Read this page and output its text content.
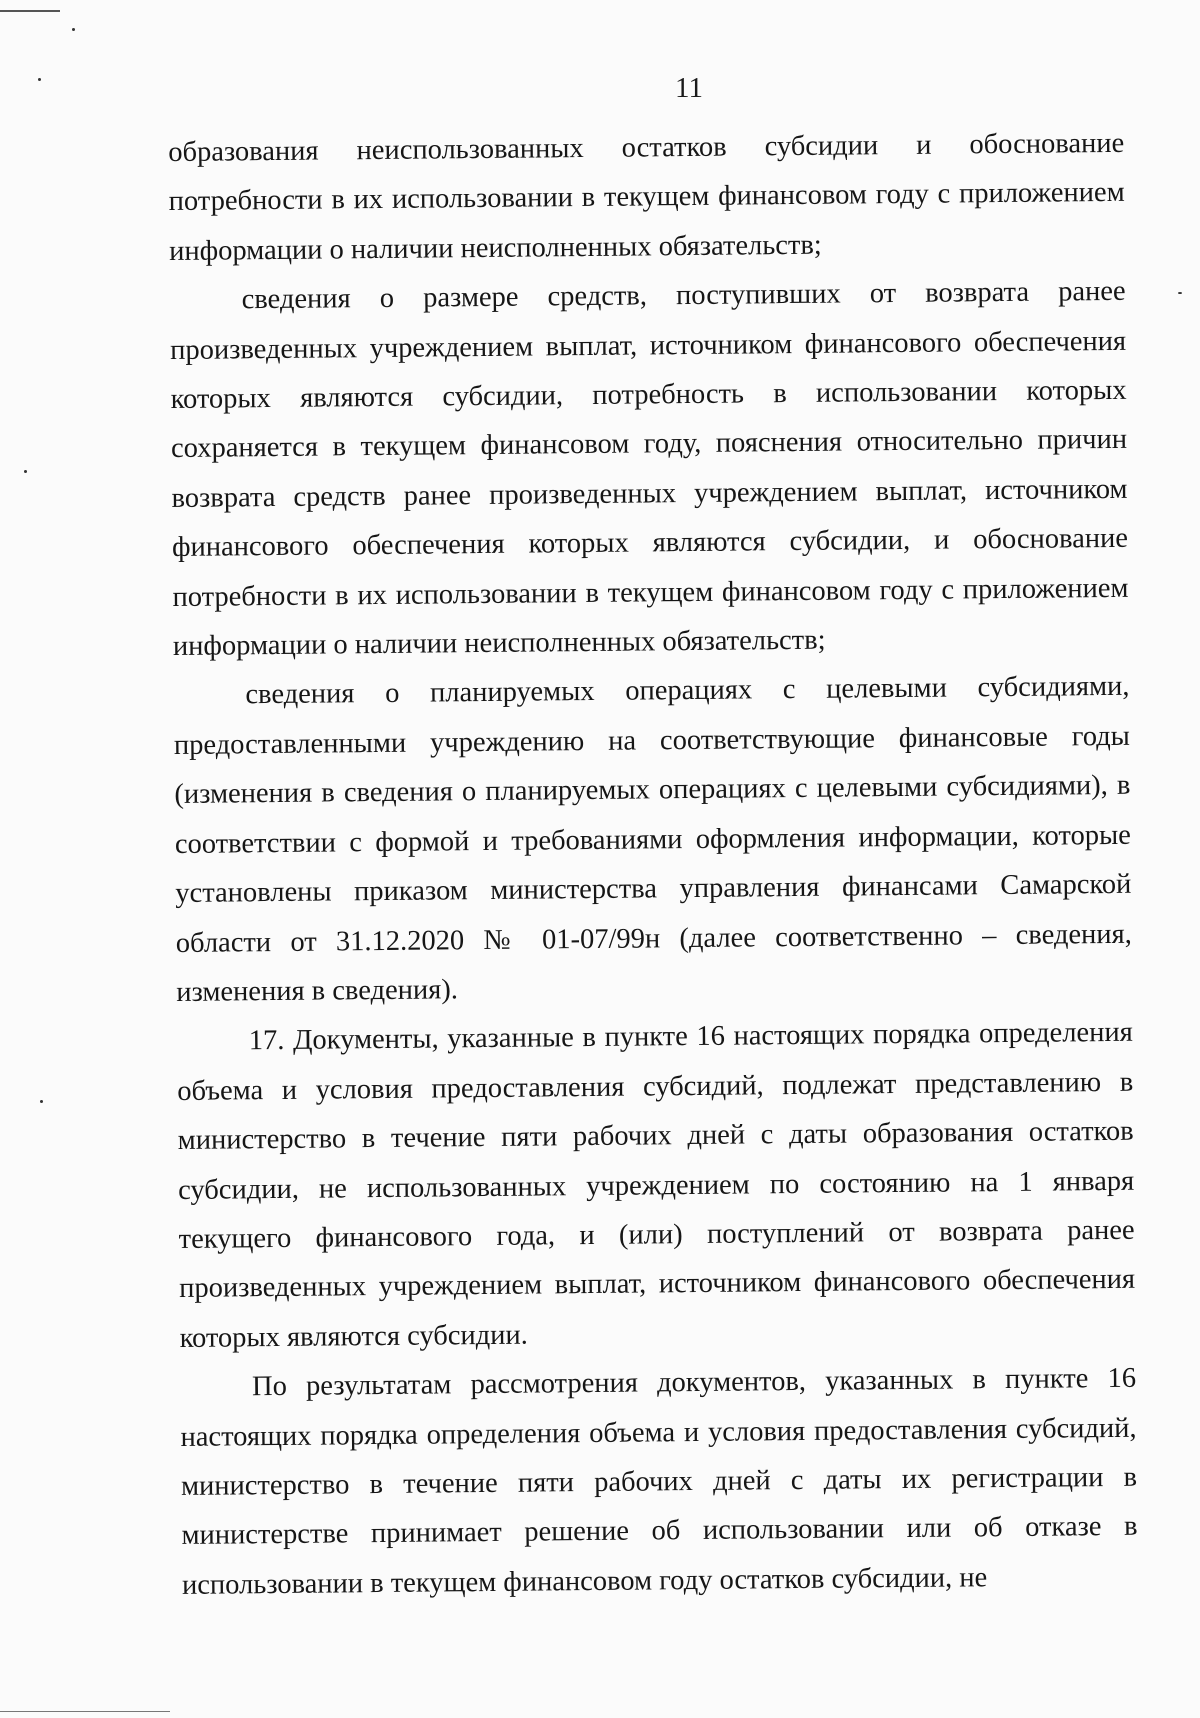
11

образования неиспользованных остатков субсидии и обоснование потребности в их использовании в текущем финансовом году с приложением информации о наличии неисполненных обязательств;

сведения о размере средств, поступивших от возврата ранее произведенных учреждением выплат, источником финансового обеспечения которых являются субсидии, потребность в использовании которых сохраняется в текущем финансовом году, пояснения относительно причин возврата средств ранее произведенных учреждением выплат, источником финансового обеспечения которых являются субсидии, и обоснование потребности в их использовании в текущем финансовом году с приложением информации о наличии неисполненных обязательств;

сведения о планируемых операциях с целевыми субсидиями, предоставленными учреждению на соответствующие финансовые годы (изменения в сведения о планируемых операциях с целевыми субсидиями), в соответствии с формой и требованиями оформления информации, которые установлены приказом министерства управления финансами Самарской области от 31.12.2020 № 01-07/99н (далее соответственно – сведения, изменения в сведения).

17. Документы, указанные в пункте 16 настоящих порядка определения объема и условия предоставления субсидий, подлежат представлению в министерство в течение пяти рабочих дней с даты образования остатков субсидии, не использованных учреждением по состоянию на 1 января текущего финансового года, и (или) поступлений от возврата ранее произведенных учреждением выплат, источником финансового обеспечения которых являются субсидии.

По результатам рассмотрения документов, указанных в пункте 16 настоящих порядка определения объема и условия предоставления субсидий, министерство в течение пяти рабочих дней с даты их регистрации в министерстве принимает решение об использовании или об отказе в использовании в текущем финансовом году остатков субсидии, не
